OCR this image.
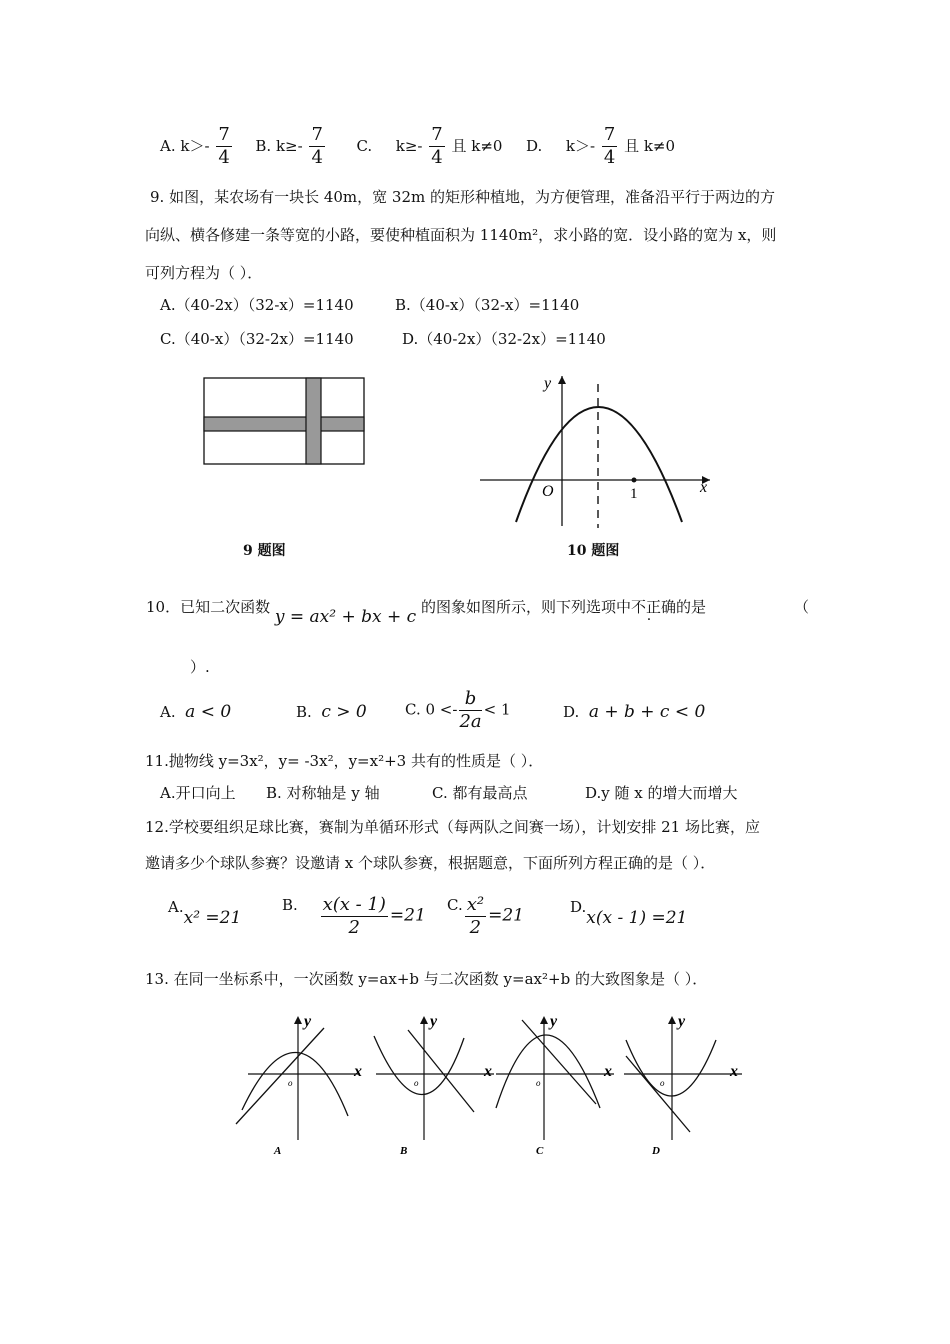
A. $k>- \frac{7}{4} B$. $k\ge- \frac{7}{4} C$. $k\ge- \frac{7}{4}$ 且 k≠0 D. $k>- \frac{7}{4}$ 且 k≠0
9. 如图，某农场有一块长 40m，宽 32m 的矩形种植地，为方便管理，准备沿平行于两边的方
向纵、横各修建一条等宽的小路，要使种植面积为 1140m²，求小路的宽．设小路的宽为 x，则
可列方程为（ ）．
A.（40-2x）（32-x）=1140	B.（40-x）（32-x）=1140
C.（40-x）（32-2x）=1140	D.（40-2x）（32-2x）=1140
9 题图
y
x
O	1
10 题图
10．已知二次函数 y = ax² + bx + c 的图象如图所示，则下列选项中不正确的是	（
）.
A. a < 0	B. c > 0	C. $0 <- \frac{b}{2a} < 1$	D. a + b + c < 0
11.抛物线 y=3x²，y= -3x²，y=x²+3 共有的性质是（ ）．
A.开口向上 B. 对称轴是 y 轴	C. 都有最高点	D.y 随 x 的增大而增大
12.学校要组织足球比赛，赛制为单循环形式（每两队之间赛一场），计划安排 21 场比赛，应
邀请多少个球队参赛？设邀请 x 个球队参赛，根据题意，下面所列方程正确的是（ ）．
A.x² =21
B. $\frac{x(x - 1)}{2} =21$
C. $\frac{\text{x²}}{2} =21$	D.x(x - 1) =21
13. 在同一坐标系中，一次函数 y=ax+b 与二次函数 y=ax²+b 的大致图象是（ ）．
y
x
o
A
y
x
o
B
y
x
o
C
y
x
o
D
